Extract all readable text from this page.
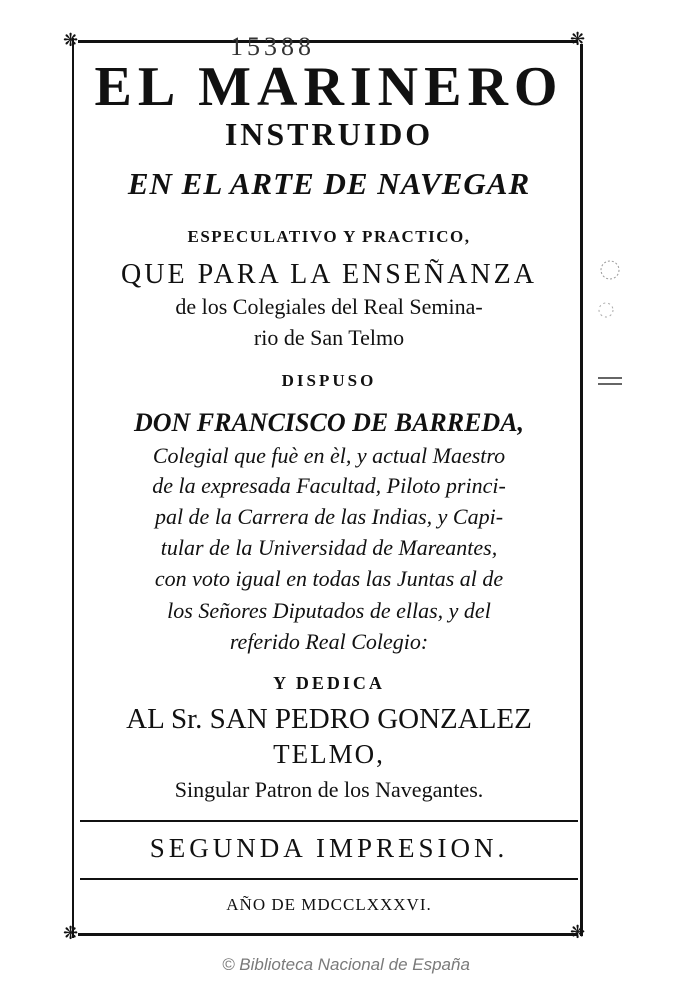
❋	❋
❋	❋
15388

EL MARINERO

INSTRUIDO

EN EL ARTE DE NAVEGAR

ESPECULATIVO Y PRACTICO,

QUE PARA LA ENSEÑANZA

de los Colegiales del Real Semina-

rio de San Telmo

DISPUSO

DON FRANCISCO DE BARREDA,

Colegial que fuè en èl, y actual Maestro

de la expresada Facultad, Piloto princi-

pal de la Carrera de las Indias, y Capi-

tular de la Universidad de Mareantes,

con voto igual en todas las Juntas al de

los Señores Diputados de ellas, y del

referido Real Colegio:

Y DEDICA

AL Sr. SAN PEDRO GONZALEZ

TELMO,

Singular Patron de los Navegantes.

SEGUNDA IMPRESION.

AÑO DE MDCCLXXXVI.

© Biblioteca Nacional de España
